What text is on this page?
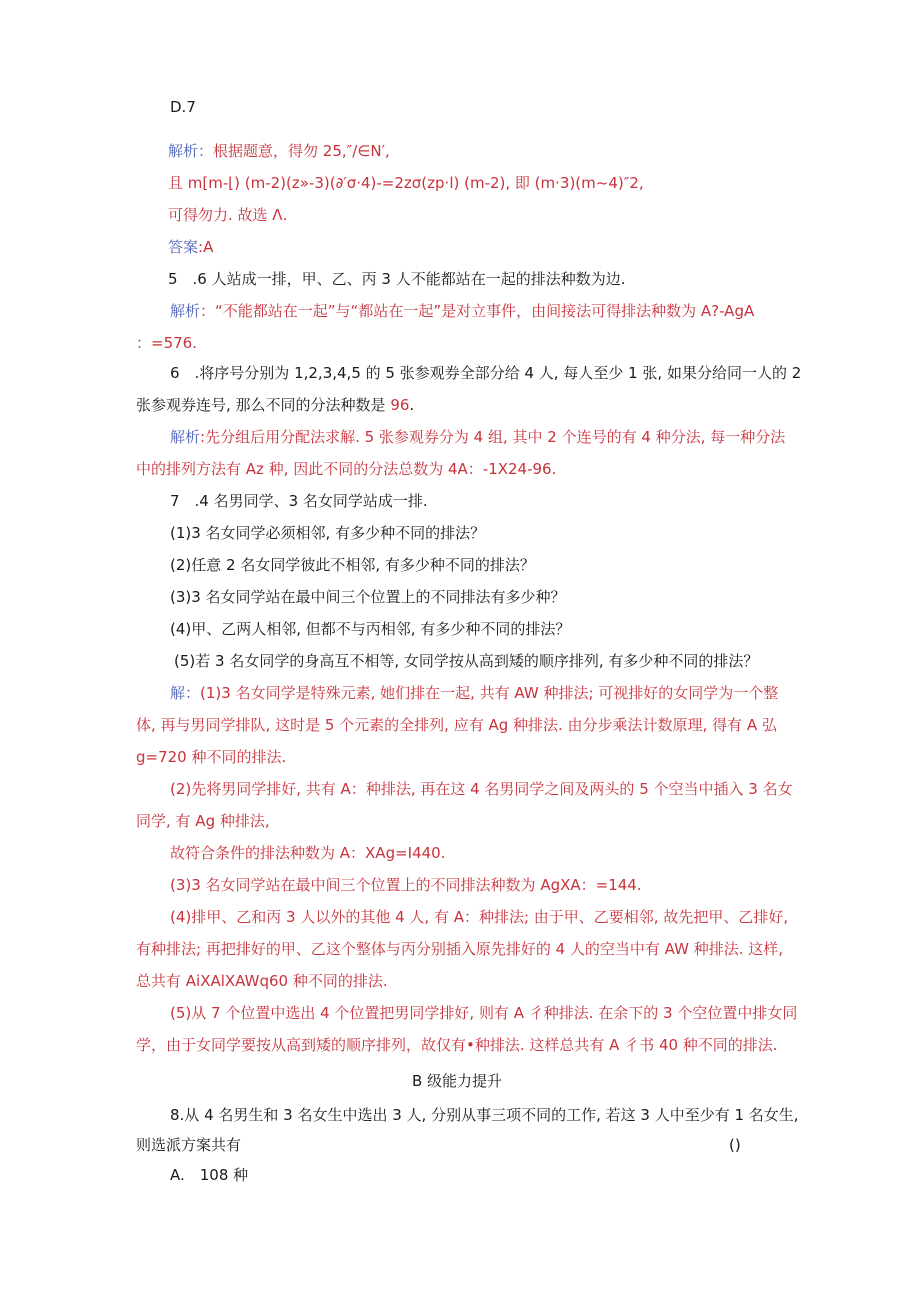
D.7
解析：根据题意，得勿 25,″/∈N′,
且 m[m-⌊) (m-2)(z»-3)(∂′σ·4)-=2zσ(zp·l) (m-2), 即 (m·3)(m~4)″2,
可得勿力. 故选 Λ.
答案:A
5　.6 人站成一排，甲、乙、丙 3 人不能都站在一起的排法种数为边.
解析：“不能都站在一起”与“都站在一起”是对立事件，由间接法可得排法种数为 A?-AgA
：=576.
6　.将序号分别为 1,2,3,4,5 的 5 张参观券全部分给 4 人, 每人至少 1 张, 如果分给同一人的 2
张参观券连号, 那么不同的分法种数是 96.
解析:先分组后用分配法求解. 5 张参观券分为 4 组, 其中 2 个连号的有 4 种分法, 每一种分法
中的排列方法有 Az 种, 因此不同的分法总数为 4A：-1X24-96.
7　.4 名男同学、3 名女同学站成一排.
(1)3 名女同学必须相邻, 有多少种不同的排法？
(2)任意 2 名女同学彼此不相邻, 有多少种不同的排法？
(3)3 名女同学站在最中间三个位置上的不同排法有多少种？
(4)甲、乙两人相邻, 但都不与丙相邻, 有多少种不同的排法？
(5)若 3 名女同学的身高互不相等, 女同学按从高到矮的顺序排列, 有多少种不同的排法？
解：(1)3 名女同学是特殊元素, 她们排在一起, 共有 AW 种排法; 可视排好的女同学为一个整
体, 再与男同学排队, 这时是 5 个元素的全排列, 应有 Ag 种排法. 由分步乘法计数原理, 得有 A 弘
g=720 种不同的排法.
(2)先将男同学排好, 共有 A：种排法, 再在这 4 名男同学之间及两头的 5 个空当中插入 3 名女
同学, 有 Ag 种排法,
故符合条件的排法种数为 A：XAg=I440.
(3)3 名女同学站在最中间三个位置上的不同排法种数为 AgXA：=144.
(4)排甲、乙和丙 3 人以外的其他 4 人, 有 A：种排法; 由于甲、乙要相邻, 故先把甲、乙排好,
有种排法; 再把排好的甲、乙这个整体与丙分别插入原先排好的 4 人的空当中有 AW 种排法. 这样,
总共有 AiXAlXAWq60 种不同的排法.
(5)从 7 个位置中选出 4 个位置把男同学排好, 则有 A 彳种排法. 在余下的 3 个空位置中排女同
学，由于女同学要按从高到矮的顺序排列，故仅有•种排法. 这样总共有 A 彳书 40 种不同的排法.
B 级能力提升
8.从 4 名男生和 3 名女生中选出 3 人, 分别从事三项不同的工作, 若这 3 人中至少有 1 名女生,
则选派方案共有	()
A.　108 种
